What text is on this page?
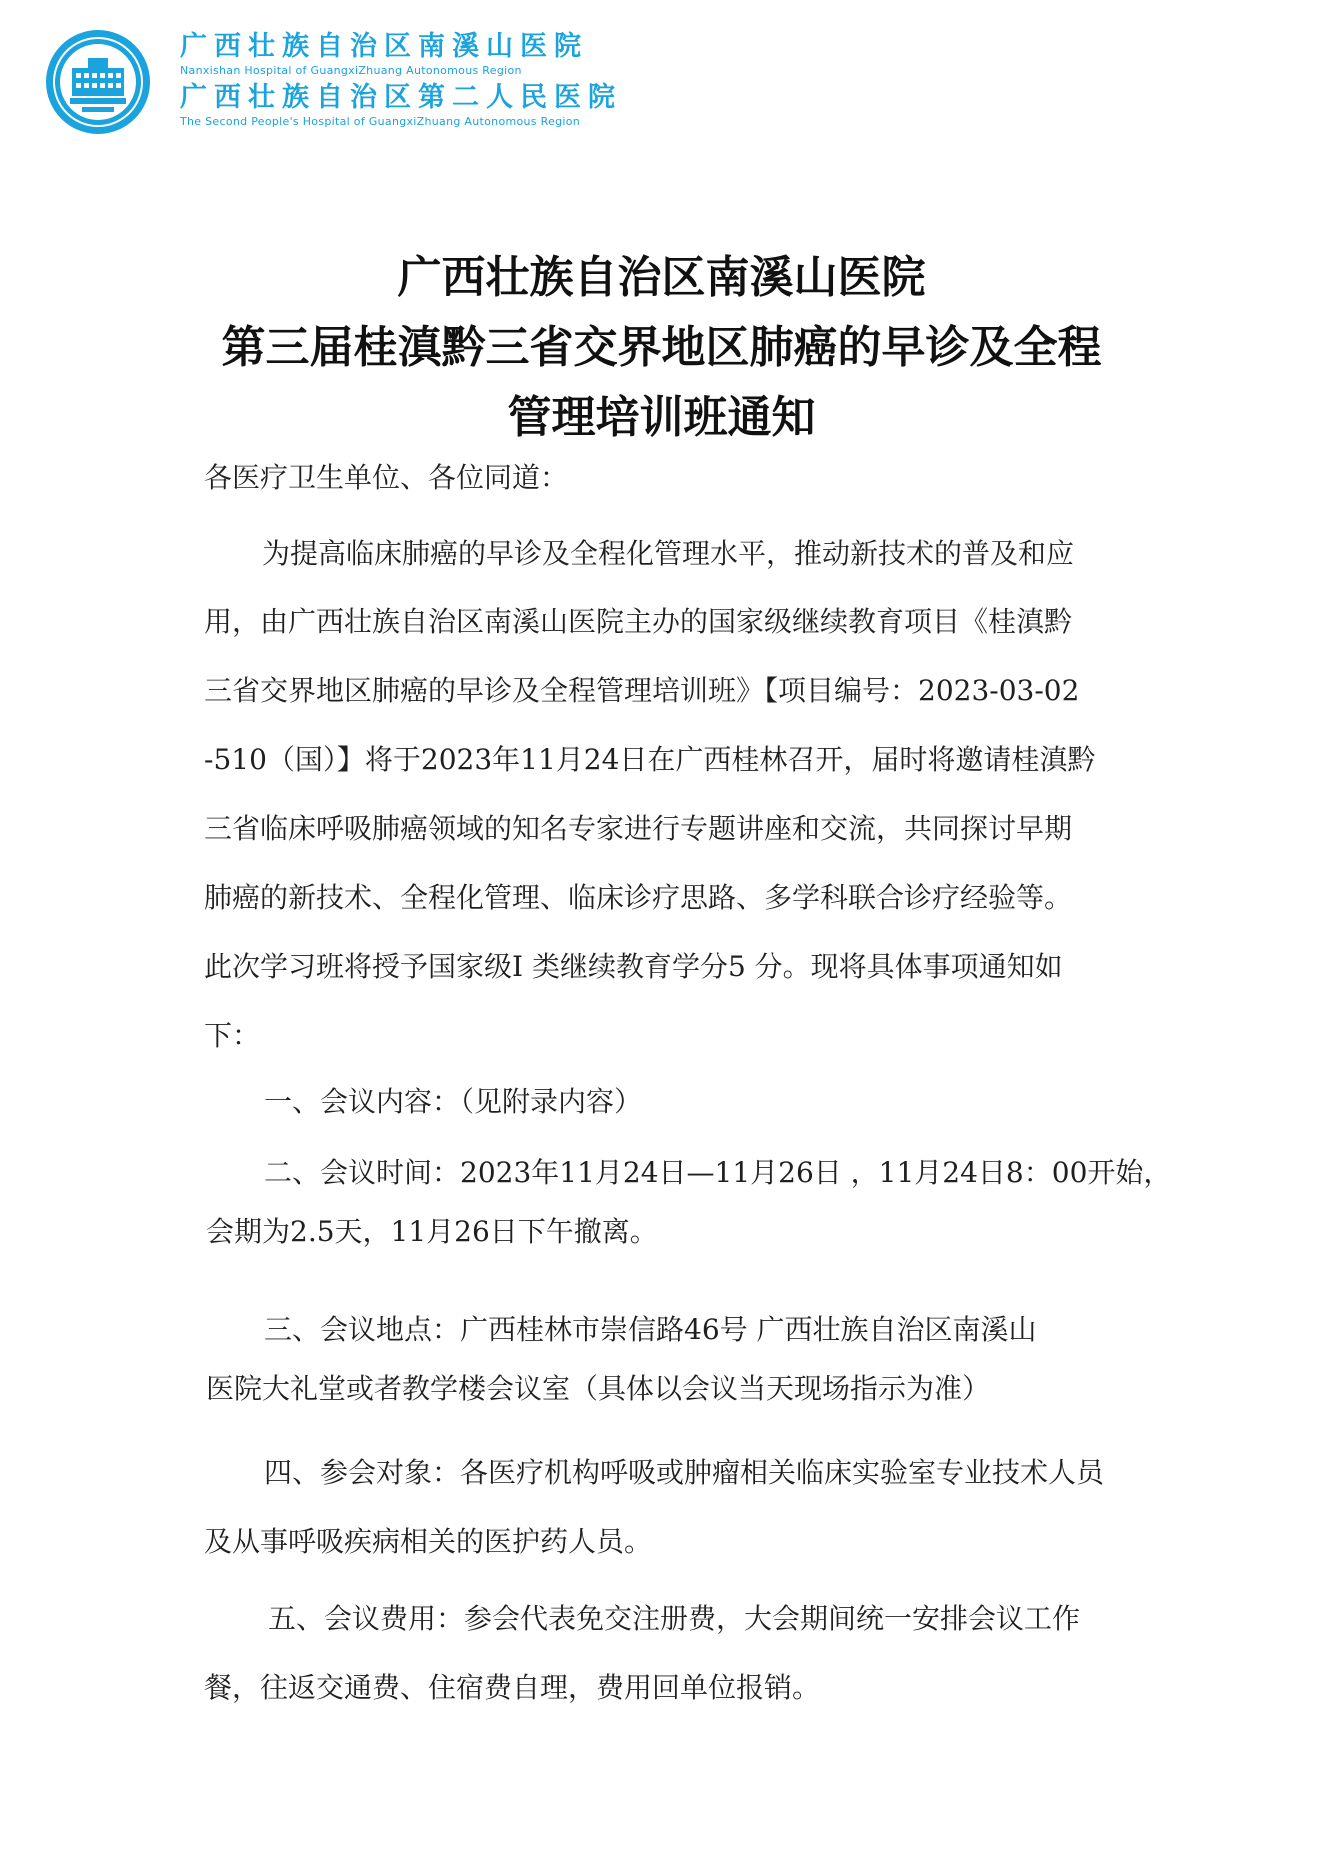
广西壮族自治区南溪山医院
Nanxishan Hospital of GuangxiZhuang Autonomous Region
广西壮族自治区第二人民医院
The Second People's Hospital of GuangxiZhuang Autonomous Region
广西壮族自治区南溪山医院
第三届桂滇黔三省交界地区肺癌的早诊及全程
管理培训班通知
各医疗卫生单位、各位同道：
为提高临床肺癌的早诊及全程化管理水平，推动新技术的普及和应
用，由广西壮族自治区南溪山医院主办的国家级继续教育项目《桂滇黔
三省交界地区肺癌的早诊及全程管理培训班》【项目编号：2023-03-02
-510（国）】将于2023年11月24日在广西桂林召开，届时将邀请桂滇黔
三省临床呼吸肺癌领域的知名专家进行专题讲座和交流，共同探讨早期
肺癌的新技术、全程化管理、临床诊疗思路、多学科联合诊疗经验等。
此次学习班将授予国家级Ⅰ 类继续教育学分5 分。现将具体事项通知如
下：
一、会议内容：（见附录内容）
二、会议时间：2023年11月24日—11月26日 ，11月24日8：00开始，
会期为2.5天，11月26日下午撤离。
三、会议地点：广西桂林市崇信路46号 广西壮族自治区南溪山
医院大礼堂或者教学楼会议室（具体以会议当天现场指示为准）
四、参会对象：各医疗机构呼吸或肿瘤相关临床实验室专业技术人员
及从事呼吸疾病相关的医护药人员。
五、会议费用：参会代表免交注册费，大会期间统一安排会议工作
餐，往返交通费、住宿费自理，费用回单位报销。
